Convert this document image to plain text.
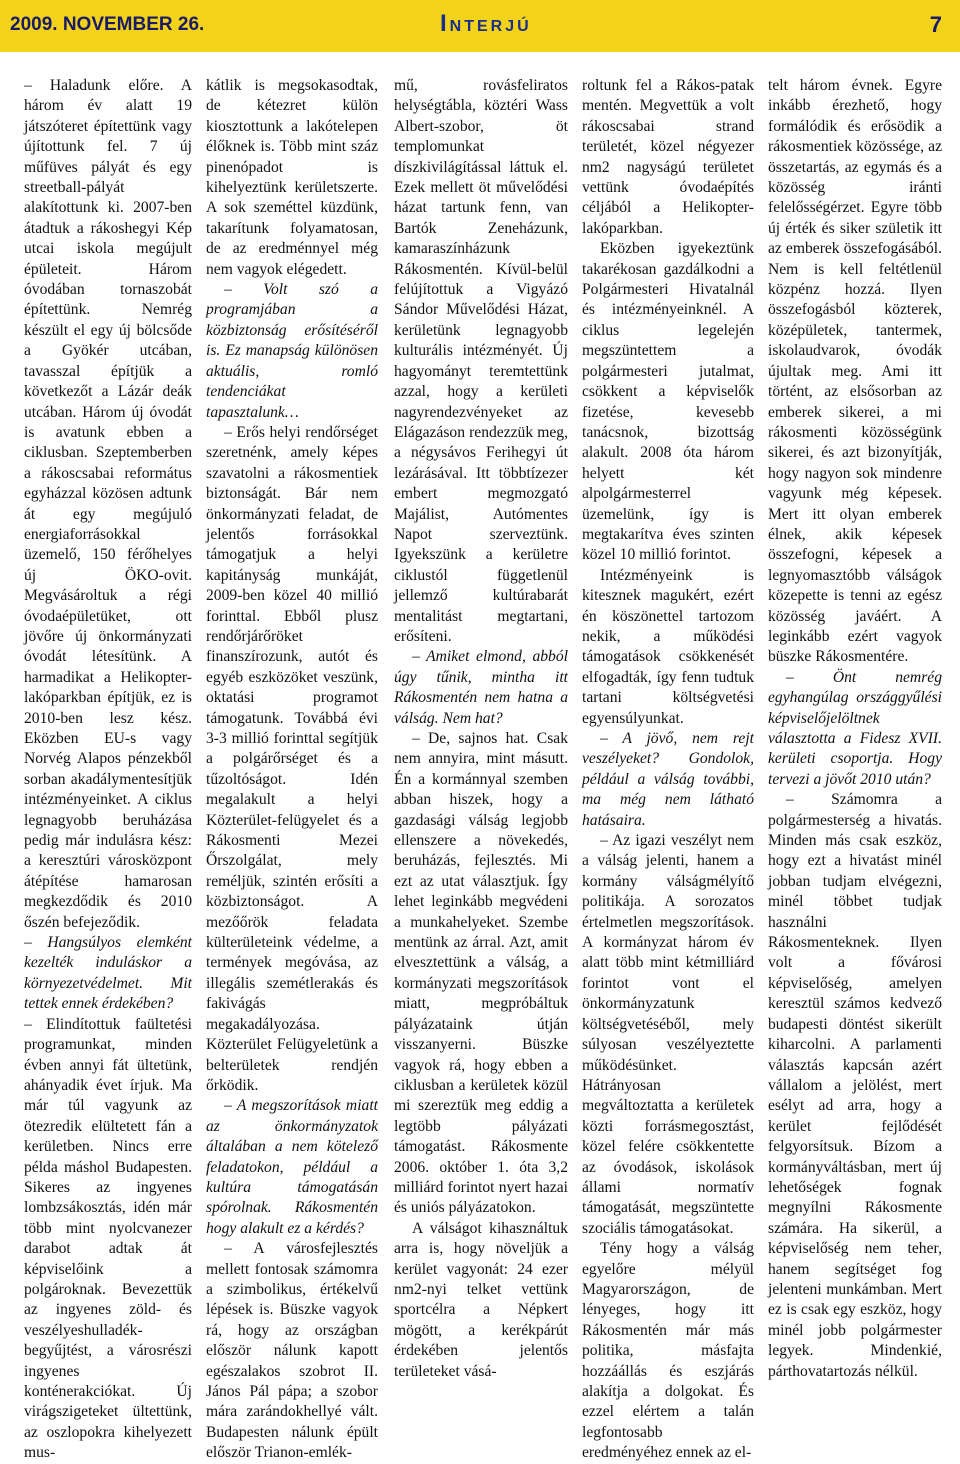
2009. NOVEMBER 26.	INTERJÚ	7

– Haladunk előre. A három év alatt 19 játszóteret építettünk vagy újítottunk fel. 7 új műfüves pályát és egy streetball-pályát alakítottunk ki. 2007-ben átadtuk a rákoshegyi Kép utcai iskola megújult épületeit. Három óvodában tornaszobát építettünk. Nemrég készült el egy új bölcsőde a Gyökér utcában, tavasszal építjük a következőt a Lázár deák utcában. Három új óvodát is avatunk ebben a ciklusban. Szeptemberben a rákoscsabai református egyházzal közösen adtunk át egy megújuló energiaforrásokkal üzemelő, 150 férőhelyes új ÖKO-ovit. Megvásároltuk a régi óvodaépületüket, ott jövőre új önkormányzati óvodát létesítünk. A harmadikat a Helikopter-lakóparkban építjük, ez is 2010-ben lesz kész. Eközben EU-s vagy Norvég Alapos pénzekből sorban akadálymentesítjük intézményeinket. A ciklus legnagyobb beruházása pedig már indulásra kész: a keresztúri városközpont átépítése hamarosan megkezdődik és 2010 őszén befejeződik.

– Hangsúlyos elemként kezelték induláskor a környezetvédelmet. Mit tettek ennek érdekében?

– Elindítottuk faültetési programunkat, minden évben annyi fát ültetünk, ahányadik évet írjuk. Ma már túl vagyunk az ötezredik elültetett fán a kerületben. Nincs erre példa máshol Budapesten. Sikeres az ingyenes lombzsákosztás, idén már több mint nyolcvanezer darabot adtak át képviselőink a polgároknak. Bevezettük az ingyenes zöld- és veszélyeshulladék-begyűjtést, a városrészi ingyenes konténerakciókat. Új virágszigeteket ültettünk, az oszlopokra kihelyezett mus-

kátlik is megsokasodtak, de kétezret külön kiosztottunk a lakótelepen élőknek is. Több mint száz pinenópadot is kihelyeztünk kerületszerte. A sok szeméttel küzdünk, takarítunk folyamatosan, de az eredménnyel még nem vagyok elégedett.

– Volt szó a programjában a közbiztonság erősítéséről is. Ez manapság különösen aktuális, romló tendenciákat tapasztalunk…

– Erős helyi rendőrséget szeretnénk, amely képes szavatolni a rákosmentiek biztonságát. Bár nem önkormányzati feladat, de jelentős forrásokkal támogatjuk a helyi kapitányság munkáját, 2009-ben közel 40 millió forinttal. Ebből plusz rendőrjárőröket finanszírozunk, autót és egyéb eszközöket veszünk, oktatási programot támogatunk. Továbbá évi 3-3 millió forinttal segítjük a polgárőrséget és a tűzoltóságot. Idén megalakult a helyi Közterület-felügyelet és a Rákosmenti Mezei Őrszolgálat, mely reméljük, szintén erősíti a közbiztonságot. A mezőőrök feladata külterületeink védelme, a termények megóvása, az illegális szemétlerakás és fakivágás megakadályozása. Közterület Felügyeletünk a belterületek rendjén őrködik.

– A megszorítások miatt az önkormányzatok általában a nem kötelező feladatokon, például a kultúra támogatásán spórolnak. Rákosmentén hogy alakult ez a kérdés?

– A városfejlesztés mellett fontosak számomra a szimbolikus, értékelvű lépések is. Büszke vagyok rá, hogy az országban először nálunk kapott egészalakos szobrot II. János Pál pápa; a szobor mára zarándokhellyé vált. Budapesten nálunk épült először Trianon-emlék-

mű, rovásfeliratos helységtábla, köztéri Wass Albert-szobor, öt templomunkat díszkivilágítással láttuk el. Ezek mellett öt művelődési házat tartunk fenn, van Bartók Zeneházunk, kamaraszínházunk Rákosmentén. Kívül-belül felújítottuk a Vigyázó Sándor Művelődési Házat, kerületünk legnagyobb kulturális intézményét. Új hagyományt teremtettünk azzal, hogy a kerületi nagyrendezvényeket az Elágazáson rendezzük meg, a négysávos Ferihegyi út lezárásával. Itt többtízezer embert megmozgató Majálist, Autómentes Napot szerveztünk. Igyekszünk a kerületre ciklustól függetlenül jellemző kultúrabarát mentalitást megtartani, erősíteni.

– Amiket elmond, abból úgy tűnik, mintha itt Rákosmentén nem hatna a válság. Nem hat?

– De, sajnos hat. Csak nem annyira, mint másutt. Én a kormánnyal szemben abban hiszek, hogy a gazdasági válság legjobb ellenszere a növekedés, beruházás, fejlesztés. Mi ezt az utat választjuk. Így lehet leginkább megvédeni a munkahelyeket. Szembe mentünk az árral. Azt, amit elvesztettünk a válság, a kormányzati megszorítások miatt, megpróbáltuk pályázataink útján visszanyerni. Büszke vagyok rá, hogy ebben a ciklusban a kerületek közül mi szereztük meg eddig a legtöbb pályázati támogatást. Rákosmente 2006. október 1. óta 3,2 milliárd forintot nyert hazai és uniós pályázatokon.

A válságot kihasználtuk arra is, hogy növeljük a kerület vagyonát: 24 ezer nm2-nyi telket vettünk sportcélra a Népkert mögött, a kerékpárút érdekében jelentős területeket vásá-

roltunk fel a Rákos-patak mentén. Megvettük a volt rákoscsabai strand területét, közel négyezer nm2 nagyságú területet vettünk óvodaépítés céljából a Helikopter-lakóparkban.

Eközben igyekeztünk takarékosan gazdálkodni a Polgármesteri Hivatalnál és intézményeinknél. A ciklus legelején megszüntettem a polgármesteri jutalmat, csökkent a képviselők fizetése, kevesebb tanácsnok, bizottság alakult. 2008 óta három helyett két alpolgármesterrel üzemelünk, így is megtakarítva éves szinten közel 10 millió forintot.

Intézményeink is kitesznek magukért, ezért én köszönettel tartozom nekik, a működési támogatások csökkenését elfogadták, így fenn tudtuk tartani költségvetési egyensúlyunkat.

– A jövő, nem rejt veszélyeket? Gondolok, például a válság további, ma még nem látható hatásaira.

– Az igazi veszélyt nem a válság jelenti, hanem a kormány válságmélyítő politikája. A sorozatos értelmetlen megszorítások. A kormányzat három év alatt több mint kétmilliárd forintot vont el önkormányzatunk költségvetéséből, mely súlyosan veszélyeztette működésünket. Hátrányosan megváltoztatta a kerületek közti forrásmegosztást, közel felére csökkentette az óvodások, iskolások állami normatív támogatását, megszüntette szociális támogatásokat.

Tény hogy a válság egyelőre mélyül Magyarországon, de lényeges, hogy itt Rákosmentén már más politika, másfajta hozzáállás és eszjárás alakítja a dolgokat. És ezzel elértem a talán legfontosabb eredményéhez ennek az el-

telt három évnek. Egyre inkább érezhető, hogy formálódik és erősödik a rákosmentiek közössége, az összetartás, az egymás és a közösség iránti felelősségérzet. Egyre több új érték és siker születik itt az emberek összefogásából. Nem is kell feltétlenül közpénz hozzá. Ilyen összefogásból közterek, középületek, tantermek, iskolaudvarok, óvodák újultak meg. Ami itt történt, az elsősorban az emberek sikerei, a mi rákosmenti közösségünk sikerei, és azt bizonyítják, hogy nagyon sok mindenre vagyunk még képesek. Mert itt olyan emberek élnek, akik képesek összefogni, képesek a legnyomasztóbb válságok közepette is tenni az egész közösség javáért. A leginkább ezért vagyok büszke Rákosmentére.

– Önt nemrég egyhangúlag országgyűlési képviselőjelöltnek választotta a Fidesz XVII. kerületi csoportja. Hogy tervezi a jövőt 2010 után?

– Számomra a polgármesterség a hivatás. Minden más csak eszköz, hogy ezt a hivatást minél jobban tudjam elvégezni, minél többet tudjak használni Rákosmenteknek. Ilyen volt a fővárosi képviselőség, amelyen keresztül számos kedvező budapesti döntést sikerült kiharcolni. A parlamenti választás kapcsán azért vállalom a jelölést, mert esélyt ad arra, hogy a kerület fejlődését felgyorsítsuk. Bízom a kormányváltásban, mert új lehetőségek fognak megnyílni Rákosmente számára. Ha sikerül, a képviselőség nem teher, hanem segítséget fog jelenteni munkámban. Mert ez is csak egy eszköz, hogy minél jobb polgármester legyek. Mindenkié, párthovatartozás nélkül.
